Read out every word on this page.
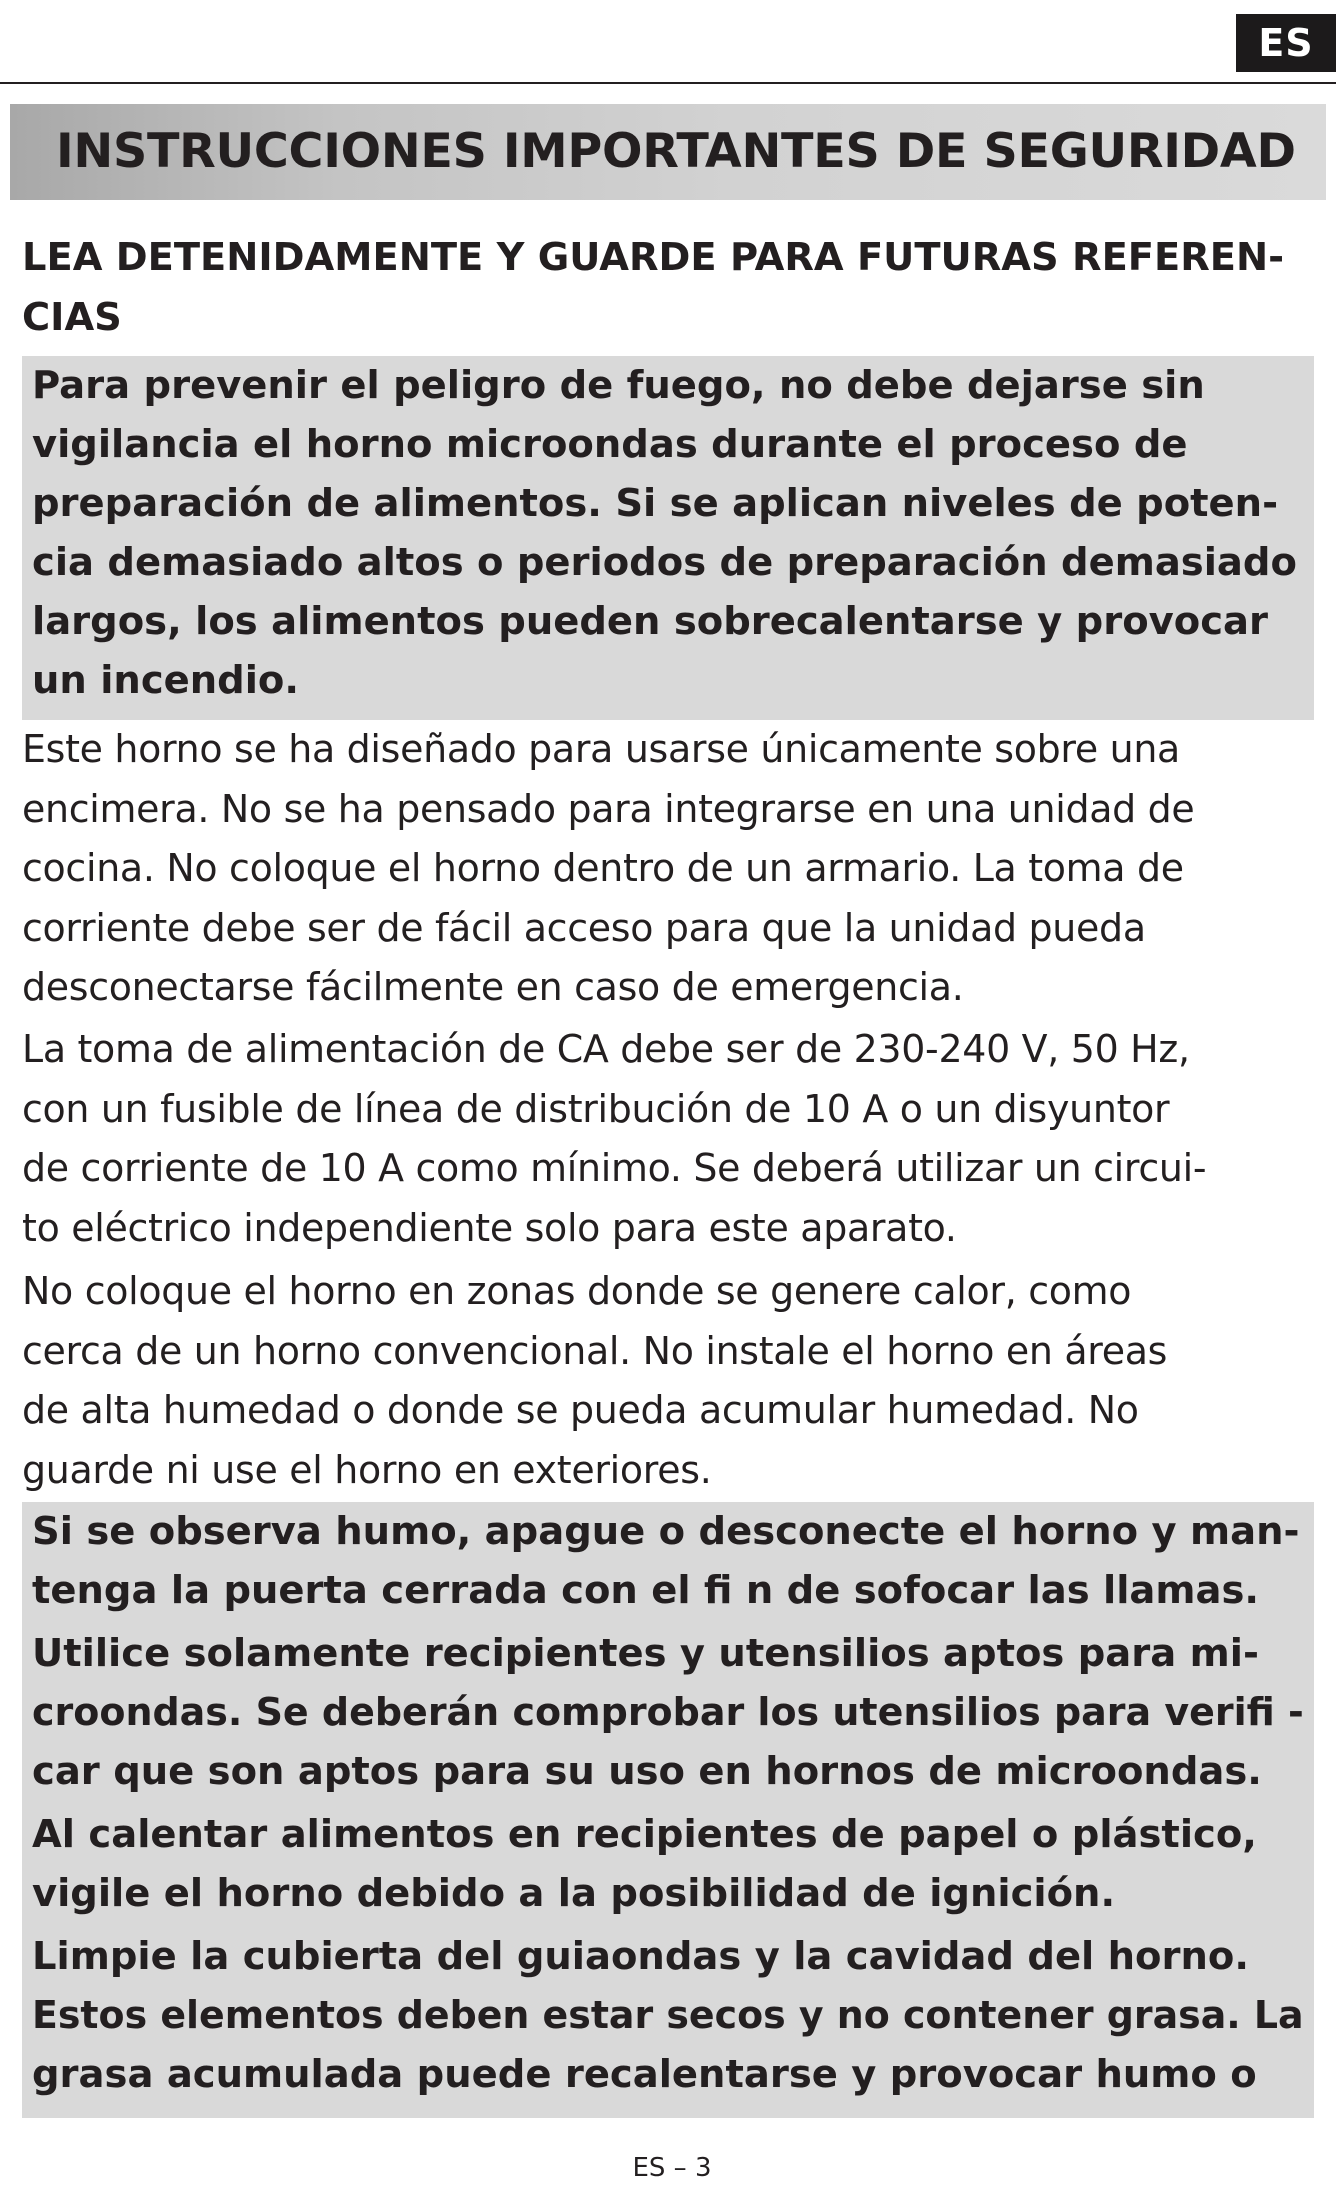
ES
INSTRUCCIONES IMPORTANTES DE SEGURIDAD
LEA DETENIDAMENTE Y GUARDE PARA FUTURAS REFEREN-
CIAS

Para prevenir el peligro de fuego, no debe dejarse sin
vigilancia el horno microondas durante el proceso de
preparación de alimentos. Si se aplican niveles de poten-
cia demasiado altos o periodos de preparación demasiado
largos, los alimentos pueden sobrecalentarse y provocar
un incendio.

Este horno se ha diseñado para usarse únicamente sobre una
encimera. No se ha pensado para integrarse en una unidad de
cocina. No coloque el horno dentro de un armario. La toma de
corriente debe ser de fácil acceso para que la unidad pueda
desconectarse fácilmente en caso de emergencia.

La toma de alimentación de CA debe ser de 230-240 V, 50 Hz,
con un fusible de línea de distribución de 10 A o un disyuntor
de corriente de 10 A como mínimo. Se deberá utilizar un circui-
to eléctrico independiente solo para este aparato.

No coloque el horno en zonas donde se genere calor, como
cerca de un horno convencional. No instale el horno en áreas
de alta humedad o donde se pueda acumular humedad. No
guarde ni use el horno en exteriores.

Si se observa humo, apague o desconecte el horno y man-
tenga la puerta cerrada con el fi n de sofocar las llamas.

Utilice solamente recipientes y utensilios aptos para mi-
croondas. Se deberán comprobar los utensilios para verifi -
car que son aptos para su uso en hornos de microondas.

Al calentar alimentos en recipientes de papel o plástico,
vigile el horno debido a la posibilidad de ignición.

Limpie la cubierta del guiaondas y la cavidad del horno.
Estos elementos deben estar secos y no contener grasa. La
grasa acumulada puede recalentarse y provocar humo o

ES – 3
